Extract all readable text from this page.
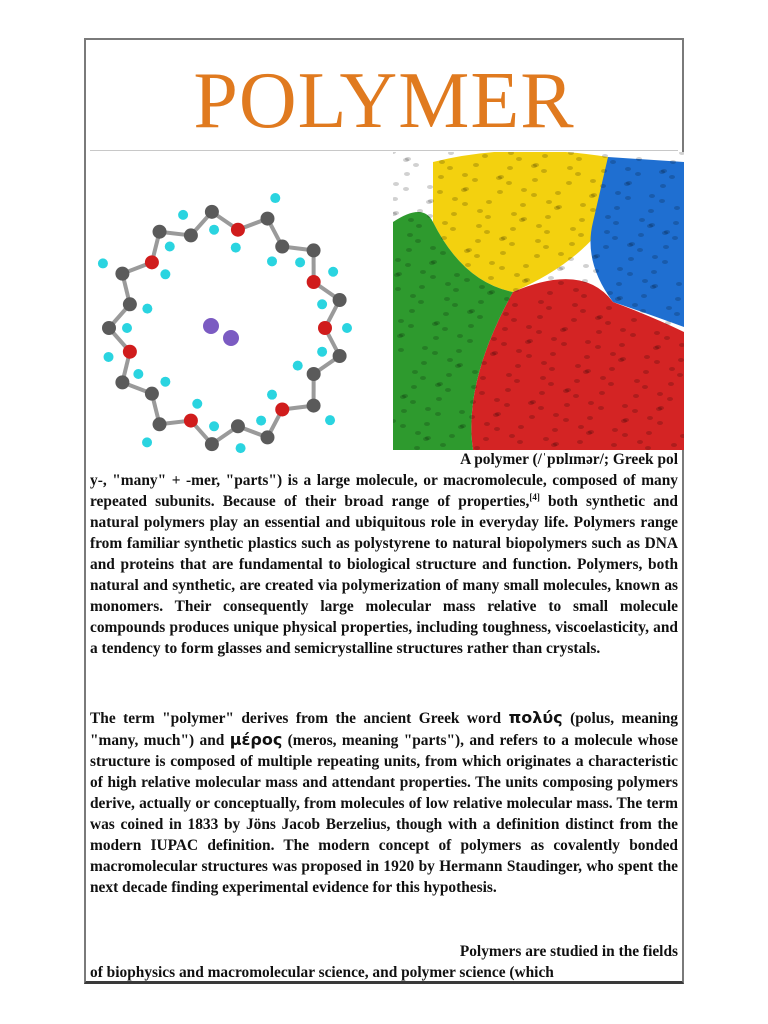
POLYMER
A polymer (/ˈpɒlɪmər/; Greek pol
y-, "many" + -mer, "parts") is a large molecule, or macromolecule, composed of many repeated subunits. Because of their broad range of properties,[4] both synthetic and natural polymers play an essential and ubiquitous role in everyday life. Polymers range from familiar synthetic plastics such as polystyrene to natural biopolymers such as DNA and proteins that are fundamental to biological structure and function. Polymers, both natural and synthetic, are created via polymerization of many small molecules, known as monomers. Their consequently large molecular mass relative to small molecule compounds produces unique physical properties, including toughness, viscoelasticity, and a tendency to form glasses and semicrystalline structures rather than crystals.
The term "polymer" derives from the ancient Greek word πολύς (polus, meaning "many, much") and μέρος (meros, meaning "parts"), and refers to a molecule whose structure is composed of multiple repeating units, from which originates a characteristic of high relative molecular mass and attendant properties. The units composing polymers derive, actually or conceptually, from molecules of low relative molecular mass. The term was coined in 1833 by Jöns Jacob Berzelius, though with a definition distinct from the modern IUPAC definition. The modern concept of polymers as covalently bonded macromolecular structures was proposed in 1920 by Hermann Staudinger, who spent the next decade finding experimental evidence for this hypothesis.
Polymers are studied in the fields
of biophysics and macromolecular science, and polymer science (which
